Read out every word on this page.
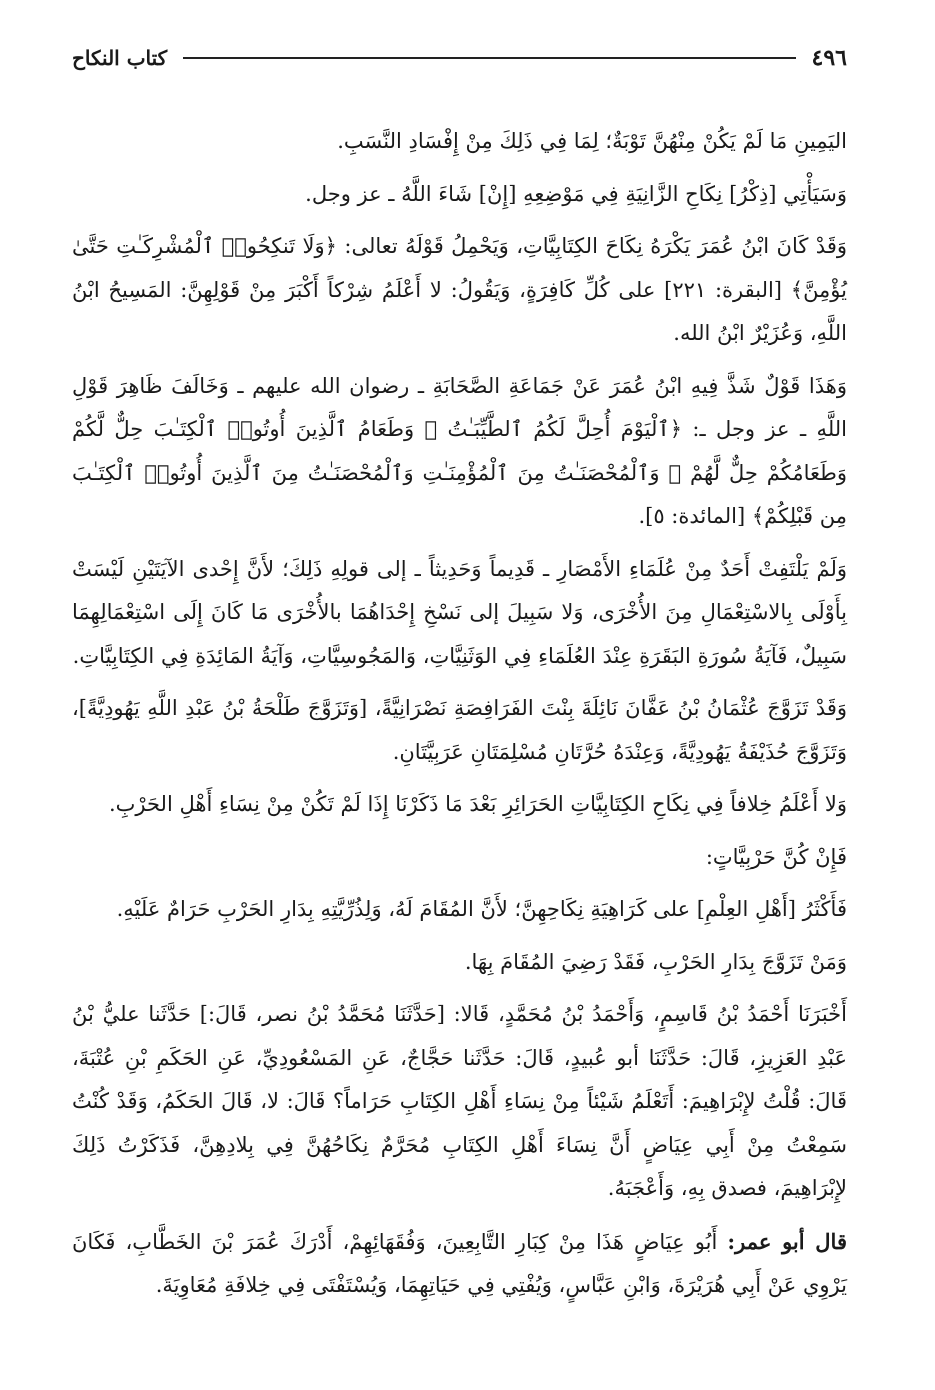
٤٩٦
كتاب النكاح

اليَمِينِ مَا لَمْ يَكُنْ مِنْهُنَّ تَوْبَةٌ؛ لِمَا فِي ذَلِكَ مِنْ إِفْسَادِ النَّسَبِ.

وَسَيَأْتِي [ذِكْرُ] نِكَاحِ الزَّانِيَةِ فِي مَوْضِعِهِ [إِنْ] شَاءَ اللَّهُ ـ عز وجل.

وَقَدْ كَانَ ابْنُ عُمَرَ يَكْرَهُ نِكَاحَ الكِتَابِيَّاتِ، وَيَحْمِلُ قَوْلَهُ تعالى: ﴿وَلَا تَنكِحُوا۟ ٱلْمُشْرِكَـٰتِ حَتَّىٰ يُؤْمِنَّ﴾ [البقرة: ٢٢١] على كُلِّ كَافِرَةٍ، وَيَقُولُ: لا أَعْلَمُ شِرْكاً أَكْبَرَ مِنْ قَوْلِهِنَّ: المَسِيحُ ابْنُ اللَّهِ، وَعُزَيْرٌ ابْنُ الله.

وَهَذَا قَوْلٌ شَذَّ فِيهِ ابْنُ عُمَرَ عَنْ جَمَاعَةِ الصَّحَابَةِ ـ رضوان الله عليهم ـ وَخَالَفَ ظَاهِرَ قَوْلِ اللَّهِ ـ عز وجل ـ: ﴿ٱلْيَوْمَ أُحِلَّ لَكُمُ ٱلطَّيِّبَـٰتُ ۖ وَطَعَامُ ٱلَّذِينَ أُوتُوا۟ ٱلْكِتَـٰبَ حِلٌّ لَّكُمْ وَطَعَامُكُمْ حِلٌّ لَّهُمْ ۖ وَٱلْمُحْصَنَـٰتُ مِنَ ٱلْمُؤْمِنَـٰتِ وَٱلْمُحْصَنَـٰتُ مِنَ ٱلَّذِينَ أُوتُوا۟ ٱلْكِتَـٰبَ مِن قَبْلِكُمْ﴾ [المائدة: ٥].

وَلَمْ يَلْتَفِتْ أَحَدٌ مِنْ عُلَمَاءِ الأَمْصَارِ ـ قَدِيماً وَحَدِيثاً ـ إلى قولِهِ ذَلِكَ؛ لأَنَّ إِحْدى الآيَتَيْنِ لَيْسَتْ بِأَوْلَى بِالاسْتِعْمَالِ مِنَ الأُخْرَى، وَلا سَبِيلَ إلى نَسْخِ إِحْدَاهُمَا بالأُخْرَى مَا كَانَ إِلَى اسْتِعْمَالِهِمَا سَبِيلٌ، فَآيَةُ سُورَةِ البَقَرَةِ عِنْدَ العُلَمَاءِ فِي الوَثَنِيَّاتِ، وَالمَجُوسِيَّاتِ، وَآيَةُ المَائِدَةِ فِي الكِتَابِيَّاتِ.

وَقَدْ تَزَوَّجَ عُثْمَانُ بْنُ عَفَّانَ نَائِلَةَ بِنْتَ الفَرَافِصَةِ نَصْرَانِيَّةً، [وَتَزَوَّجَ طَلْحَةُ بْنُ عَبْدِ اللَّهِ يَهُودِيَّةً]، وَتَزَوَّجَ حُذَيْفَةُ يَهُودِيَّةً، وَعِنْدَهُ حُرَّتَانِ مُسْلِمَتَانِ عَرَبِيَّتَانِ.

وَلا أَعْلَمُ خِلافاً فِي نِكَاحِ الكِتَابِيَّاتِ الحَرَائِرِ بَعْدَ مَا ذَكَرْنَا إِذَا لَمْ تَكُنْ مِنْ نِسَاءِ أَهْلِ الحَرْبِ.

فَإِنْ كُنَّ حَرْبِيَّاتٍ:

فَأَكْثَرُ [أَهْلِ العِلْمِ] على كَرَاهِيَةِ نِكَاحِهِنَّ؛ لأَنَّ المُقَامَ لَهُ، وَلِذُرِّيَّتِهِ بِدَارِ الحَرْبِ حَرَامٌ عَلَيْهِ.

وَمَنْ تَزَوَّجَ بِدَارِ الحَرْبِ، فَقَدْ رَضِيَ المُقَامَ بِهَا.

أَخْبَرَنَا أَحْمَدُ بْنُ قَاسِمٍ، وَأَحْمَدُ بْنُ مُحَمَّدٍ، قَالا: [حَدَّثَنَا مُحَمَّدُ بْنُ نصر، قَالَ:] حَدَّثَنا عليُّ بْنُ عَبْدِ العَزِيزِ، قَالَ: حَدَّثَنَا أبو عُبيدٍ، قَالَ: حَدَّثَنا حَجَّاجٌ، عَنِ المَسْعُودِيِّ، عَنِ الحَكَمِ بْنِ عُتْبَةَ، قَالَ: قُلْتُ لإِبْرَاهِيمَ: أَتَعْلَمُ شَيْئاً مِنْ نِسَاءِ أَهْلِ الكِتَابِ حَرَاماً؟ قَالَ: لا، قَالَ الحَكَمُ، وَقَدْ كُنْتُ سَمِعْتُ مِنْ أَبِي عِيَاضٍ أَنَّ نِسَاءَ أَهْلِ الكِتَابِ مُحَرَّمٌ نِكَاحُهُنَّ فِي بِلادِهِنَّ، فَذَكَرْتُ ذَلِكَ لإِبْرَاهِيمَ، فصدق بِهِ، وَأَعْجَبَهُ.

قال أبو عمر: أَبُو عِيَاضٍ هَذَا مِنْ كِبَارِ التَّابِعِينَ، وَفُقَهَائِهِمْ، أَدْرَكَ عُمَرَ بْنَ الخَطَّابِ، فَكَانَ يَرْوِي عَنْ أَبِي هُرَيْرَةَ، وَابْنِ عَبَّاسٍ، وَيُفْتِي فِي حَيَاتِهِمَا، وَيُسْتَفْتَى فِي خِلافَةِ مُعَاوِيَةَ.
